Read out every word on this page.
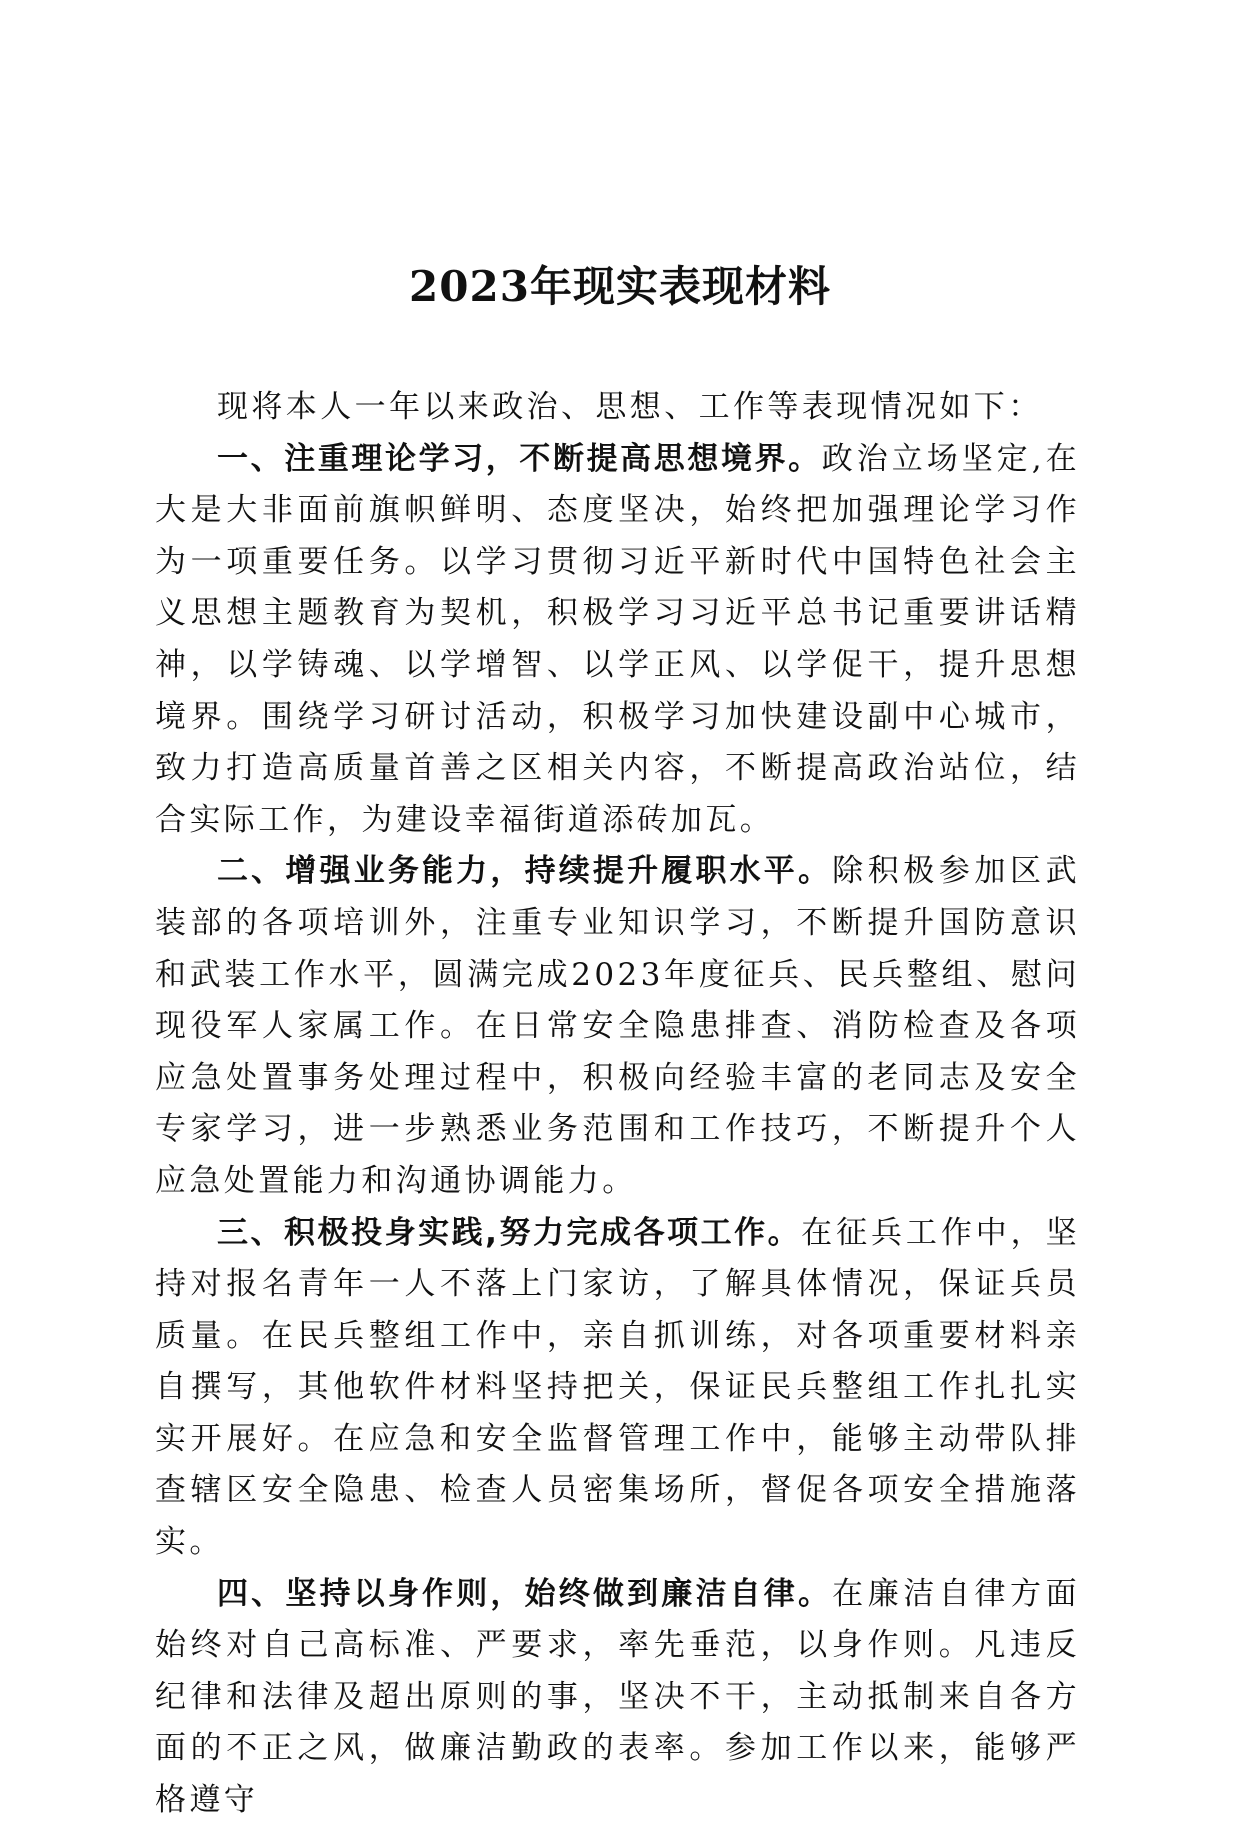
2023年现实表现材料

现将本人一年以来政治、思想、工作等表现情况如下：

一、注重理论学习，不断提高思想境界。政治立场坚定,在大是大非面前旗帜鲜明、态度坚决，始终把加强理论学习作为一项重要任务。以学习贯彻习近平新时代中国特色社会主义思想主题教育为契机，积极学习习近平总书记重要讲话精神，以学铸魂、以学增智、以学正风、以学促干，提升思想境界。围绕学习研讨活动，积极学习加快建设副中心城市，致力打造高质量首善之区相关内容，不断提高政治站位，结合实际工作，为建设幸福街道添砖加瓦。

二、增强业务能力，持续提升履职水平。除积极参加区武装部的各项培训外，注重专业知识学习，不断提升国防意识和武装工作水平，圆满完成2023年度征兵、民兵整组、慰问现役军人家属工作。在日常安全隐患排查、消防检查及各项应急处置事务处理过程中，积极向经验丰富的老同志及安全专家学习，进一步熟悉业务范围和工作技巧，不断提升个人应急处置能力和沟通协调能力。

三、积极投身实践,努力完成各项工作。在征兵工作中，坚持对报名青年一人不落上门家访，了解具体情况，保证兵员质量。在民兵整组工作中，亲自抓训练，对各项重要材料亲自撰写，其他软件材料坚持把关，保证民兵整组工作扎扎实实开展好。在应急和安全监督管理工作中，能够主动带队排查辖区安全隐患、检查人员密集场所，督促各项安全措施落实。

四、坚持以身作则，始终做到廉洁自律。在廉洁自律方面始终对自己高标准、严要求，率先垂范，以身作则。凡违反纪律和法律及超出原则的事，坚决不干，主动抵制来自各方面的不正之风，做廉洁勤政的表率。参加工作以来，能够严格遵守
